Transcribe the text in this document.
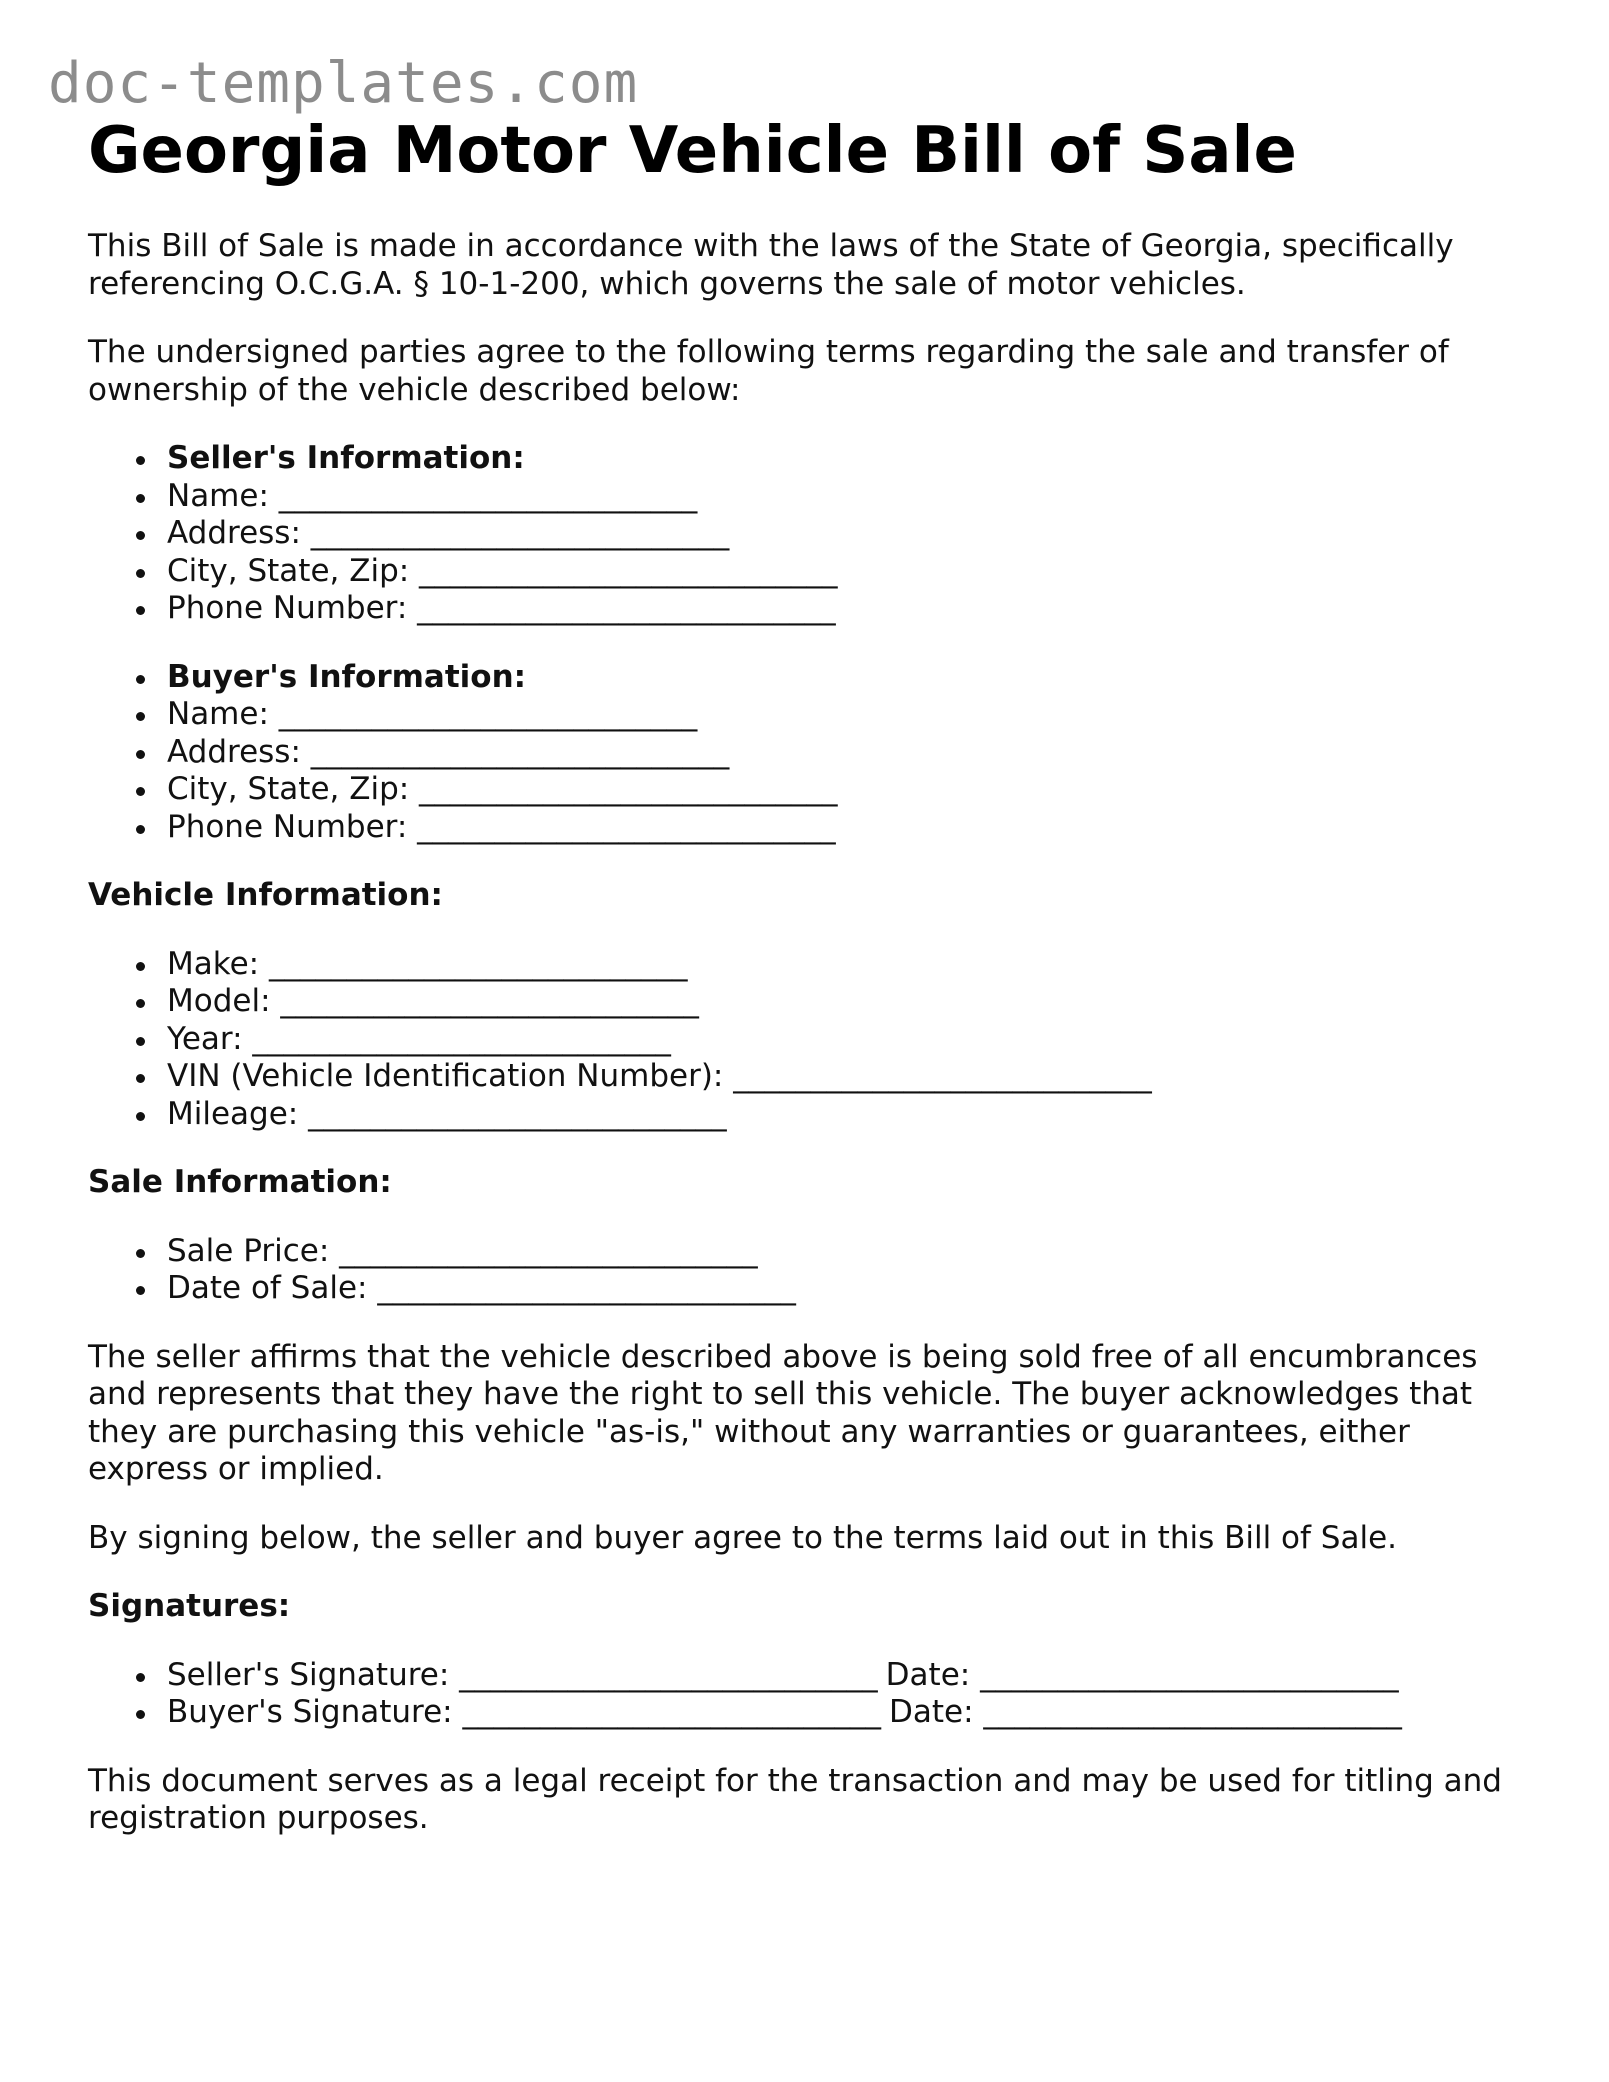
doc-templates.com
Georgia Motor Vehicle Bill of Sale

This Bill of Sale is made in accordance with the laws of the State of Georgia, specifically referencing O.C.G.A. § 10-1-200, which governs the sale of motor vehicles.

The undersigned parties agree to the following terms regarding the sale and transfer of ownership of the vehicle described below:

Seller's Information:
Name: ___________________________
Address: ___________________________
City, State, Zip: ___________________________
Phone Number: ___________________________
Buyer's Information:
Name: ___________________________
Address: ___________________________
City, State, Zip: ___________________________
Phone Number: ___________________________
Vehicle Information:
Make: ___________________________
Model: ___________________________
Year: ___________________________
VIN (Vehicle Identification Number): ___________________________
Mileage: ___________________________
Sale Information:
Sale Price: ___________________________
Date of Sale: ___________________________

The seller affirms that the vehicle described above is being sold free of all encumbrances and represents that they have the right to sell this vehicle. The buyer acknowledges that they are purchasing this vehicle "as-is," without any warranties or guarantees, either express or implied.

By signing below, the seller and buyer agree to the terms laid out in this Bill of Sale.

Signatures:
Seller's Signature: ___________________________ Date: ___________________________
Buyer's Signature: ___________________________ Date: ___________________________

This document serves as a legal receipt for the transaction and may be used for titling and registration purposes.
